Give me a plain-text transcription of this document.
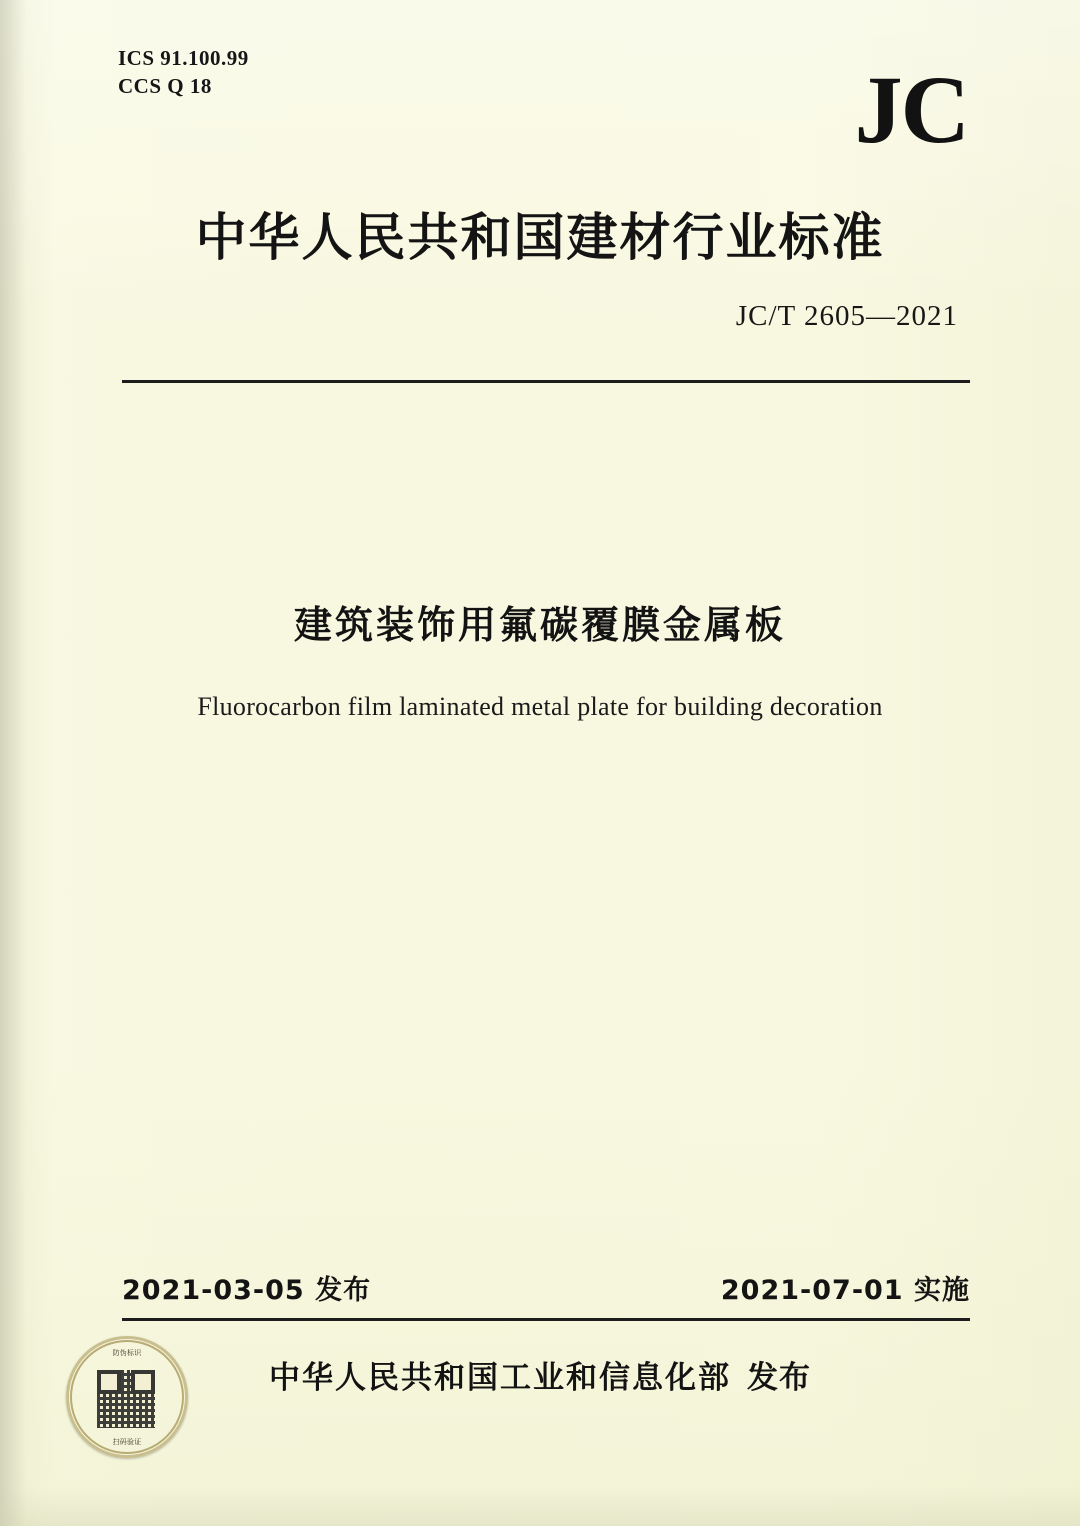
ICS 91.100.99
CCS Q 18	JC
中华人民共和国建材行业标准
JC/T 2605—2021
建筑装饰用氟碳覆膜金属板
Fluorocarbon film laminated metal plate for building decoration
2021-03-05 发布	2021-07-01 实施
中华人民共和国工业和信息化部 发布
防伪标识
扫码验证
